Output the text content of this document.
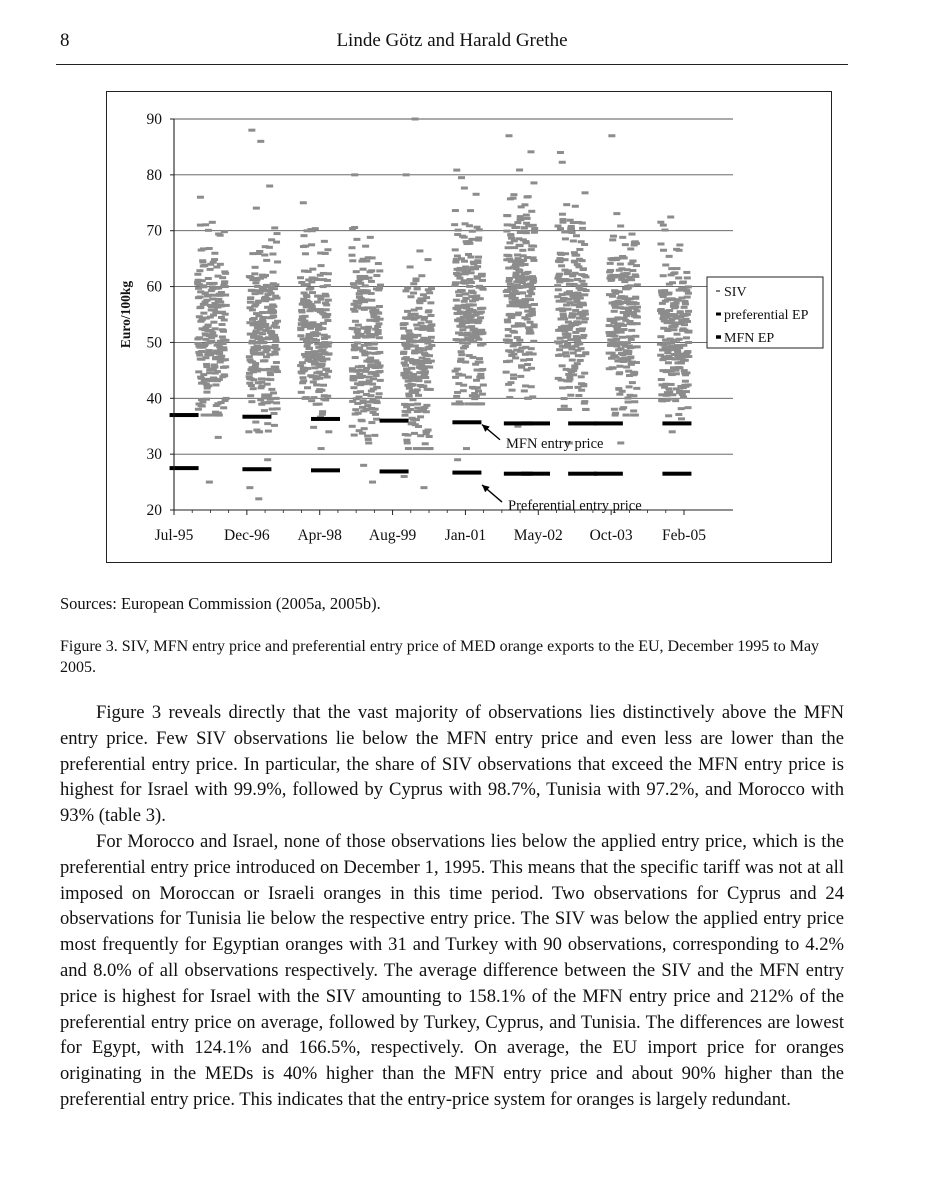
8	Linde Götz and Harald Grethe
20
30
40
50
60
70
80
90
Jul-95 Dec-96 Apr-98 Aug-99 Jan-01 May-02 Oct-03 Feb-05
Euro/100kg
MFN entry price
Preferential entry price
SIV
preferential EP
MFN EP
Sources: European Commission (2005a, 2005b).
Figure 3. SIV, MFN entry price and preferential entry price of MED orange exports to the EU, December 1995 to May 2005.

Figure 3 reveals directly that the vast majority of observations lies distinctively above the MFN entry price. Few SIV observations lie below the MFN entry price and even less are lower than the preferential entry price. In particular, the share of SIV observations that exceed the MFN entry price is highest for Israel with 99.9%, followed by Cyprus with 98.7%, Tunisia with 97.2%, and Morocco with 93% (table 3).

For Morocco and Israel, none of those observations lies below the applied entry price, which is the preferential entry price introduced on December 1, 1995. This means that the specific tariff was not at all imposed on Moroccan or Israeli oranges in this time period. Two observations for Cyprus and 24 observations for Tunisia lie below the respective entry price. The SIV was below the applied entry price most frequently for Egyptian oranges with 31 and Turkey with 90 observations, corresponding to 4.2% and 8.0% of all observations respectively. The average difference between the SIV and the MFN entry price is highest for Israel with the SIV amounting to 158.1% of the MFN entry price and 212% of the preferential entry price on average, followed by Turkey, Cyprus, and Tunisia. The differences are lowest for Egypt, with 124.1% and 166.5%, respectively. On average, the EU import price for oranges originating in the MEDs is 40% higher than the MFN entry price and about 90% higher than the preferential entry price. This indicates that the entry-price system for oranges is largely redundant.
